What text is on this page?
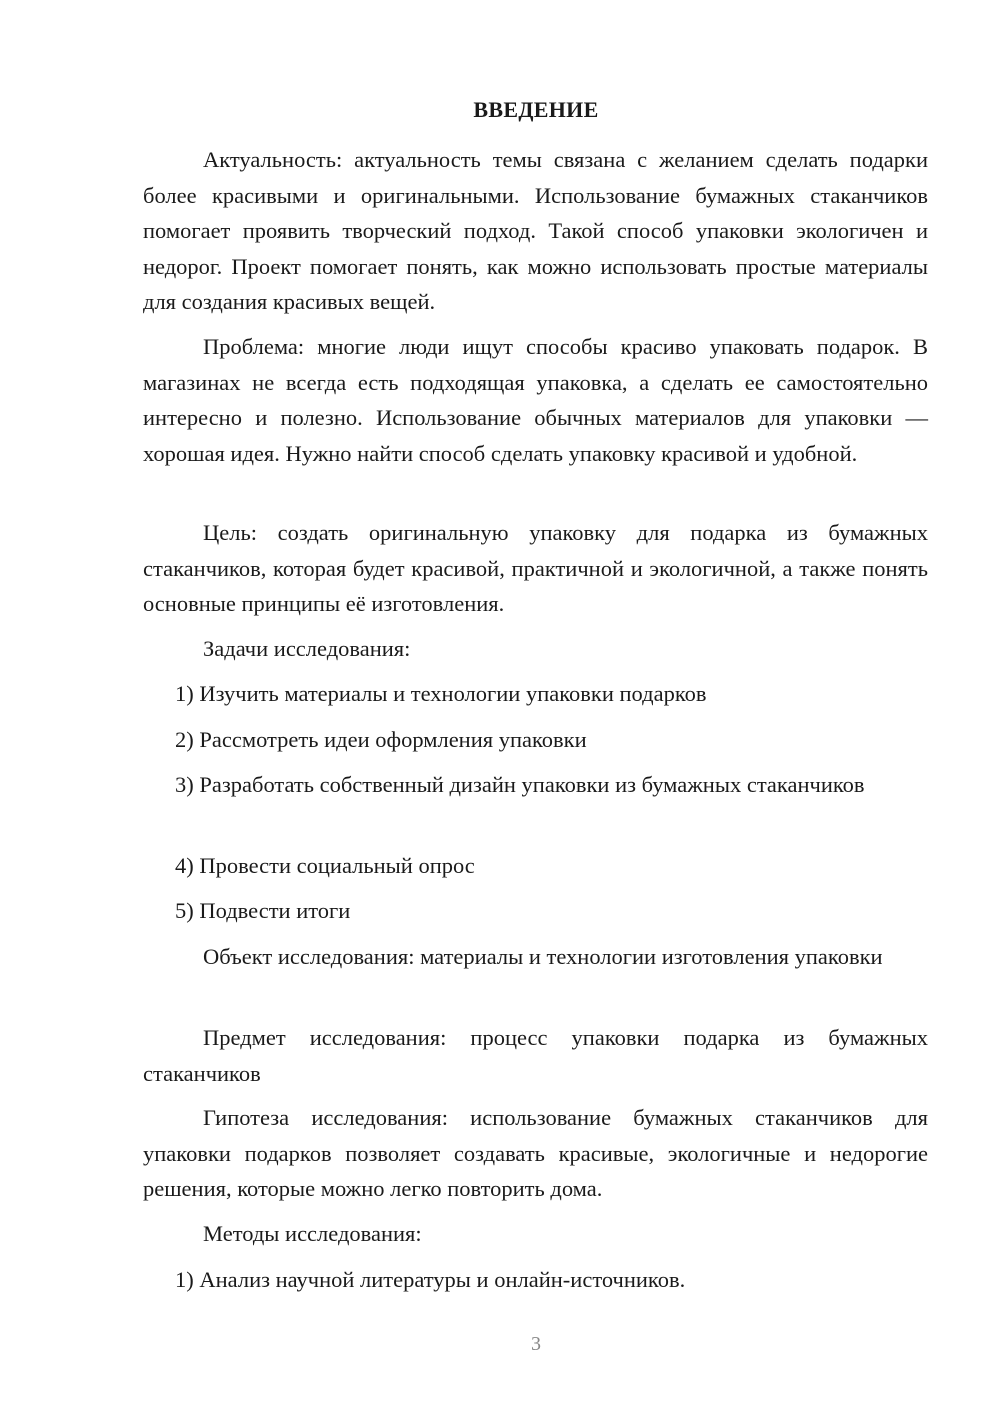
ВВЕДЕНИЕ

Актуальность: актуальность темы связана с желанием сделать подарки более красивыми и оригинальными. Использование бумажных стаканчиков помогает проявить творческий подход. Такой способ упаковки экологичен и недорог. Проект помогает понять, как можно использовать простые материалы для создания красивых вещей.

Проблема: многие люди ищут способы красиво упаковать подарок. В магазинах не всегда есть подходящая упаковка, а сделать ее самостоятельно интересно и полезно. Использование обычных материалов для упаковки — хорошая идея. Нужно найти способ сделать упаковку красивой и удобной.

Цель: создать оригинальную упаковку для подарка из бумажных стаканчиков, которая будет красивой, практичной и экологичной, а также понять основные принципы её изготовления.

Задачи исследования:

1) Изучить материалы и технологии упаковки подарков

2) Рассмотреть идеи оформления упаковки

3) Разработать собственный дизайн упаковки из бумажных стаканчиков

4) Провести социальный опрос

5) Подвести итоги

Объект исследования: материалы и технологии изготовления упаковки

Предмет исследования: процесс упаковки подарка из бумажных стаканчиков

Гипотеза исследования: использование бумажных стаканчиков для упаковки подарков позволяет создавать красивые, экологичные и недорогие решения, которые можно легко повторить дома.

Методы исследования:

1) Анализ научной литературы и онлайн-источников.

3
